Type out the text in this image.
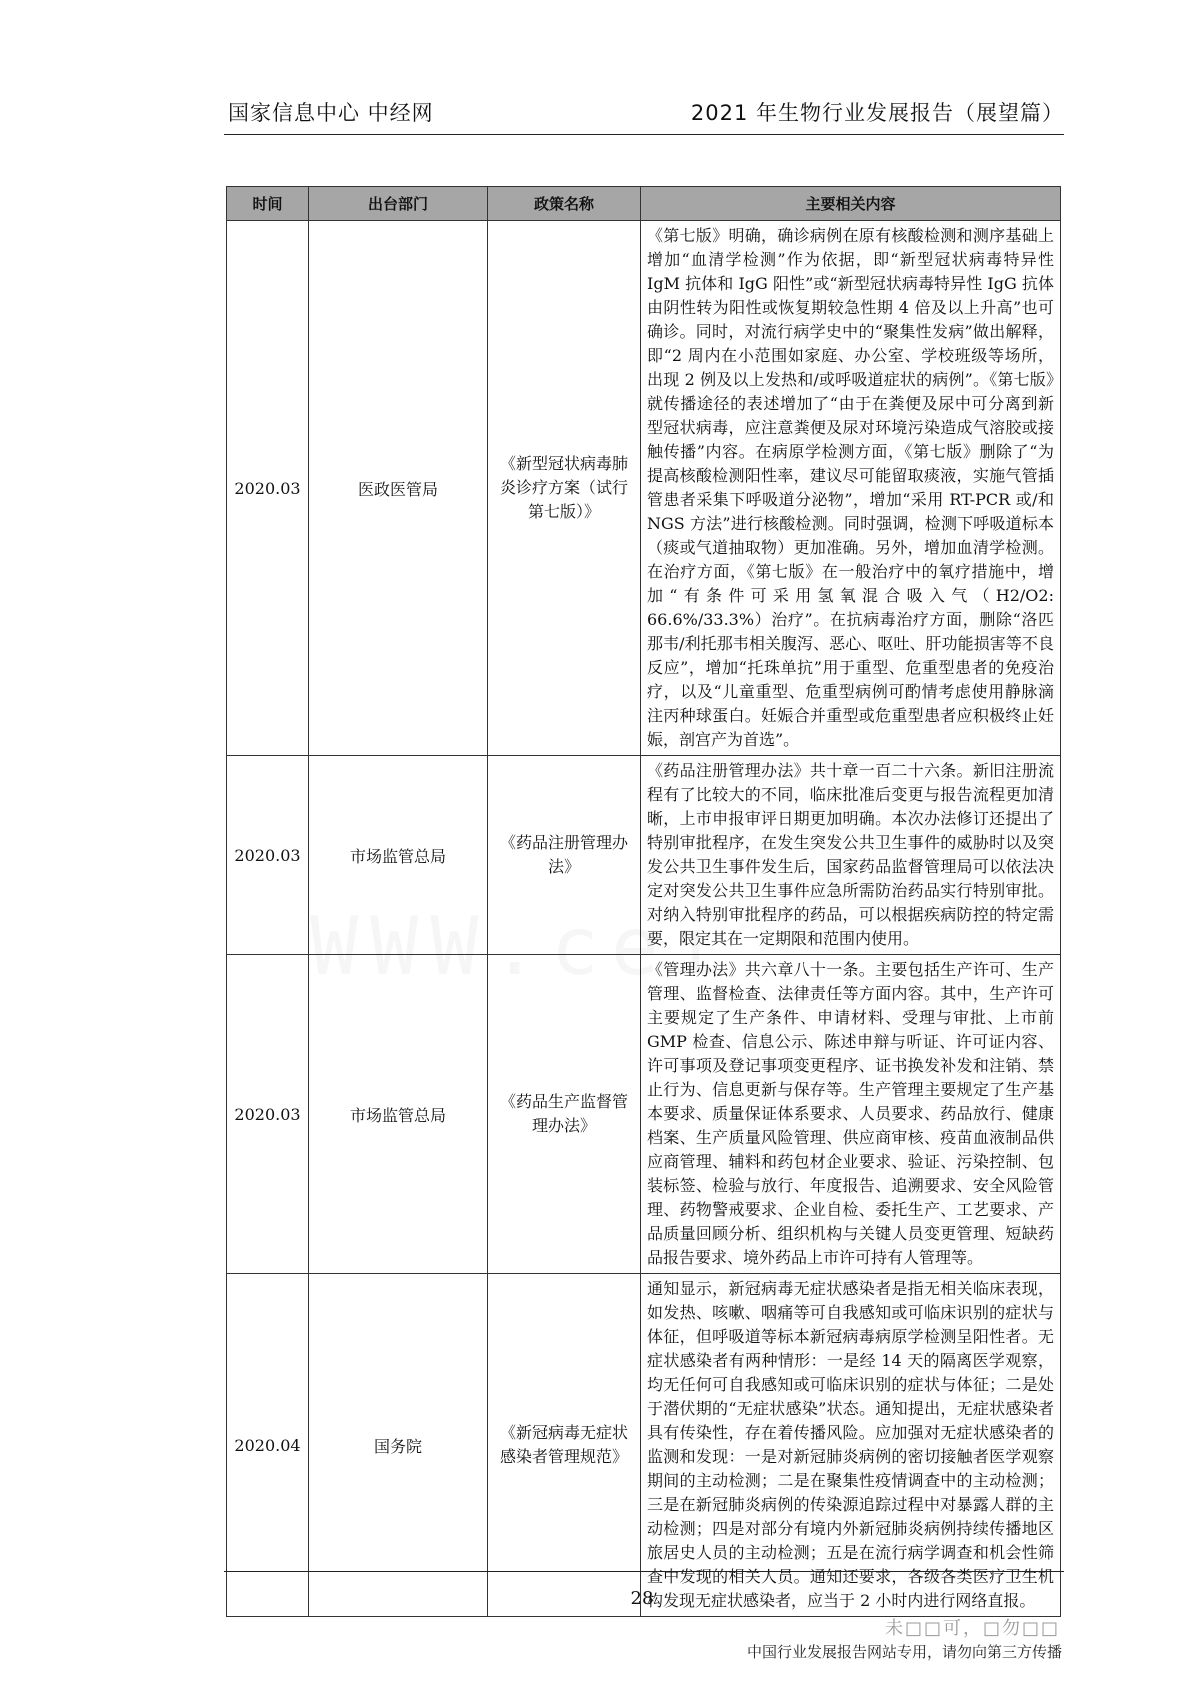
国家信息中心 中经网	2021 年生物行业发展报告（展望篇）
时间	出台部门	政策名称	主要相关内容
2020.03	医政医管局	《新型冠状病毒肺炎诊疗方案（试行第七版）》	《第七版》明确，确诊病例在原有核酸检测和测序基础上增加“血清学检测”作为依据，即“新型冠状病毒特异性 IgM 抗体和 IgG 阳性”或“新型冠状病毒特异性 IgG 抗体由阴性转为阳性或恢复期较急性期 4 倍及以上升高”也可确诊。同时，对流行病学史中的“聚集性发病”做出解释，即“2 周内在小范围如家庭、办公室、学校班级等场所，出现 2 例及以上发热和/或呼吸道症状的病例”。《第七版》就传播途径的表述增加了“由于在粪便及尿中可分离到新型冠状病毒，应注意粪便及尿对环境污染造成气溶胶或接触传播”内容。在病原学检测方面，《第七版》删除了“为提高核酸检测阳性率，建议尽可能留取痰液，实施气管插管患者采集下呼吸道分泌物”，增加“采用 RT-PCR 或/和 NGS 方法”进行核酸检测。同时强调，检测下呼吸道标本（痰或气道抽取物）更加准确。另外，增加血清学检测。在治疗方面，《第七版》在一般治疗中的氧疗措施中，增加“有条件可采用氢氧混合吸入气（H2/O2: 66.6%/33.3%）治疗”。在抗病毒治疗方面，删除“洛匹那韦/利托那韦相关腹泻、恶心、呕吐、肝功能损害等不良反应”，增加“托珠单抗”用于重型、危重型患者的免疫治疗，以及“儿童重型、危重型病例可酌情考虑使用静脉滴注丙种球蛋白。妊娠合并重型或危重型患者应积极终止妊娠，剖宫产为首选”。
2020.03	市场监管总局	《药品注册管理办法》	《药品注册管理办法》共十章一百二十六条。新旧注册流程有了比较大的不同，临床批准后变更与报告流程更加清晰，上市申报审评日期更加明确。本次办法修订还提出了特别审批程序，在发生突发公共卫生事件的威胁时以及突发公共卫生事件发生后，国家药品监督管理局可以依法决定对突发公共卫生事件应急所需防治药品实行特别审批。对纳入特别审批程序的药品，可以根据疾病防控的特定需要，限定其在一定期限和范围内使用。
2020.03	市场监管总局	《药品生产监督管理办法》	《管理办法》共六章八十一条。主要包括生产许可、生产管理、监督检查、法律责任等方面内容。其中，生产许可主要规定了生产条件、申请材料、受理与审批、上市前 GMP 检查、信息公示、陈述申辩与听证、许可证内容、许可事项及登记事项变更程序、证书换发补发和注销、禁止行为、信息更新与保存等。生产管理主要规定了生产基本要求、质量保证体系要求、人员要求、药品放行、健康档案、生产质量风险管理、供应商审核、疫苗血液制品供应商管理、辅料和药包材企业要求、验证、污染控制、包装标签、检验与放行、年度报告、追溯要求、安全风险管理、药物警戒要求、企业自检、委托生产、工艺要求、产品质量回顾分析、组织机构与关键人员变更管理、短缺药品报告要求、境外药品上市许可持有人管理等。
2020.04	国务院	《新冠病毒无症状感染者管理规范》	通知显示，新冠病毒无症状感染者是指无相关临床表现，如发热、咳嗽、咽痛等可自我感知或可临床识别的症状与体征，但呼吸道等标本新冠病毒病原学检测呈阳性者。无症状感染者有两种情形：一是经 14 天的隔离医学观察，均无任何可自我感知或可临床识别的症状与体征；二是处于潜伏期的“无症状感染”状态。通知提出，无症状感染者具有传染性，存在着传播风险。应加强对无症状感染者的监测和发现：一是对新冠肺炎病例的密切接触者医学观察期间的主动检测；二是在聚集性疫情调查中的主动检测；三是在新冠肺炎病例的传染源追踪过程中对暴露人群的主动检测；四是对部分有境内外新冠肺炎病例持续传播地区旅居史人员的主动检测；五是在流行病学调查和机会性筛查中发现的相关人员。通知还要求，各级各类医疗卫生机构发现无症状感染者，应当于 2 小时内进行网络直报。
28
未□□可，□勿□□
中国行业发展报告网站专用，请勿向第三方传播
